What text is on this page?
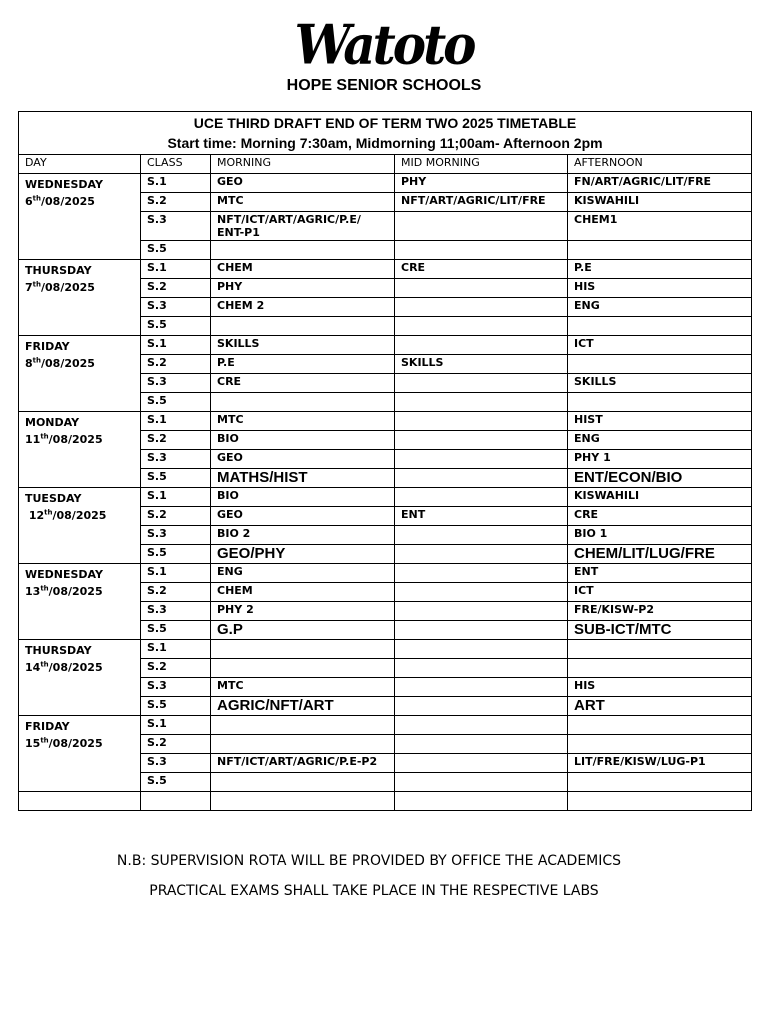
Watoto
HOPE SENIOR SCHOOLS
UCE THIRD DRAFT END OF TERM TWO 2025 TIMETABLE
Start time: Morning 7:30am, Midmorning 11;00am- Afternoon 2pm				

DAY	CLASS	MORNING	MID MORNING	AFTERNOON

WEDNESDAY
6th/08/2025	S.1	GEO	PHY	FN/ART/AGRIC/LIT/FRE
	S.2	MTC	NFT/ART/AGRIC/LIT/FRE	KISWAHILI
	S.3	NFT/ICT/ART/AGRIC/P.E/ ENT-P1		CHEM1
	S.5			

THURSDAY
7th/08/2025	S.1	CHEM	CRE	P.E
	S.2	PHY		HIS
	S.3	CHEM 2		ENG
	S.5			

FRIDAY
8th/08/2025	S.1	SKILLS		ICT
	S.2	P.E	SKILLS	
	S.3	CRE		SKILLS
	S.5			

MONDAY
11th/08/2025	S.1	MTC		HIST
	S.2	BIO		ENG
	S.3	GEO		PHY 1
	S.5	MATHS/HIST		ENT/ECON/BIO

TUESDAY
12th/08/2025	S.1	BIO		KISWAHILI
	S.2	GEO	ENT	CRE
	S.3	BIO 2		BIO 1
	S.5	GEO/PHY		CHEM/LIT/LUG/FRE

WEDNESDAY
13th/08/2025	S.1	ENG		ENT
	S.2	CHEM		ICT
	S.3	PHY 2		FRE/KISW-P2
	S.5	G.P		SUB-ICT/MTC

THURSDAY
14th/08/2025	S.1			
	S.2			
	S.3	MTC		HIS
	S.5	AGRIC/NFT/ART		ART

FRIDAY
15th/08/2025	S.1			
	S.2			
	S.3	NFT/ICT/ART/AGRIC/P.E-P2		LIT/FRE/KISW/LUG-P1
	S.5			

N.B: SUPERVISION ROTA WILL BE PROVIDED BY OFFICE THE ACADEMICS
PRACTICAL EXAMS SHALL TAKE PLACE IN THE RESPECTIVE LABS
